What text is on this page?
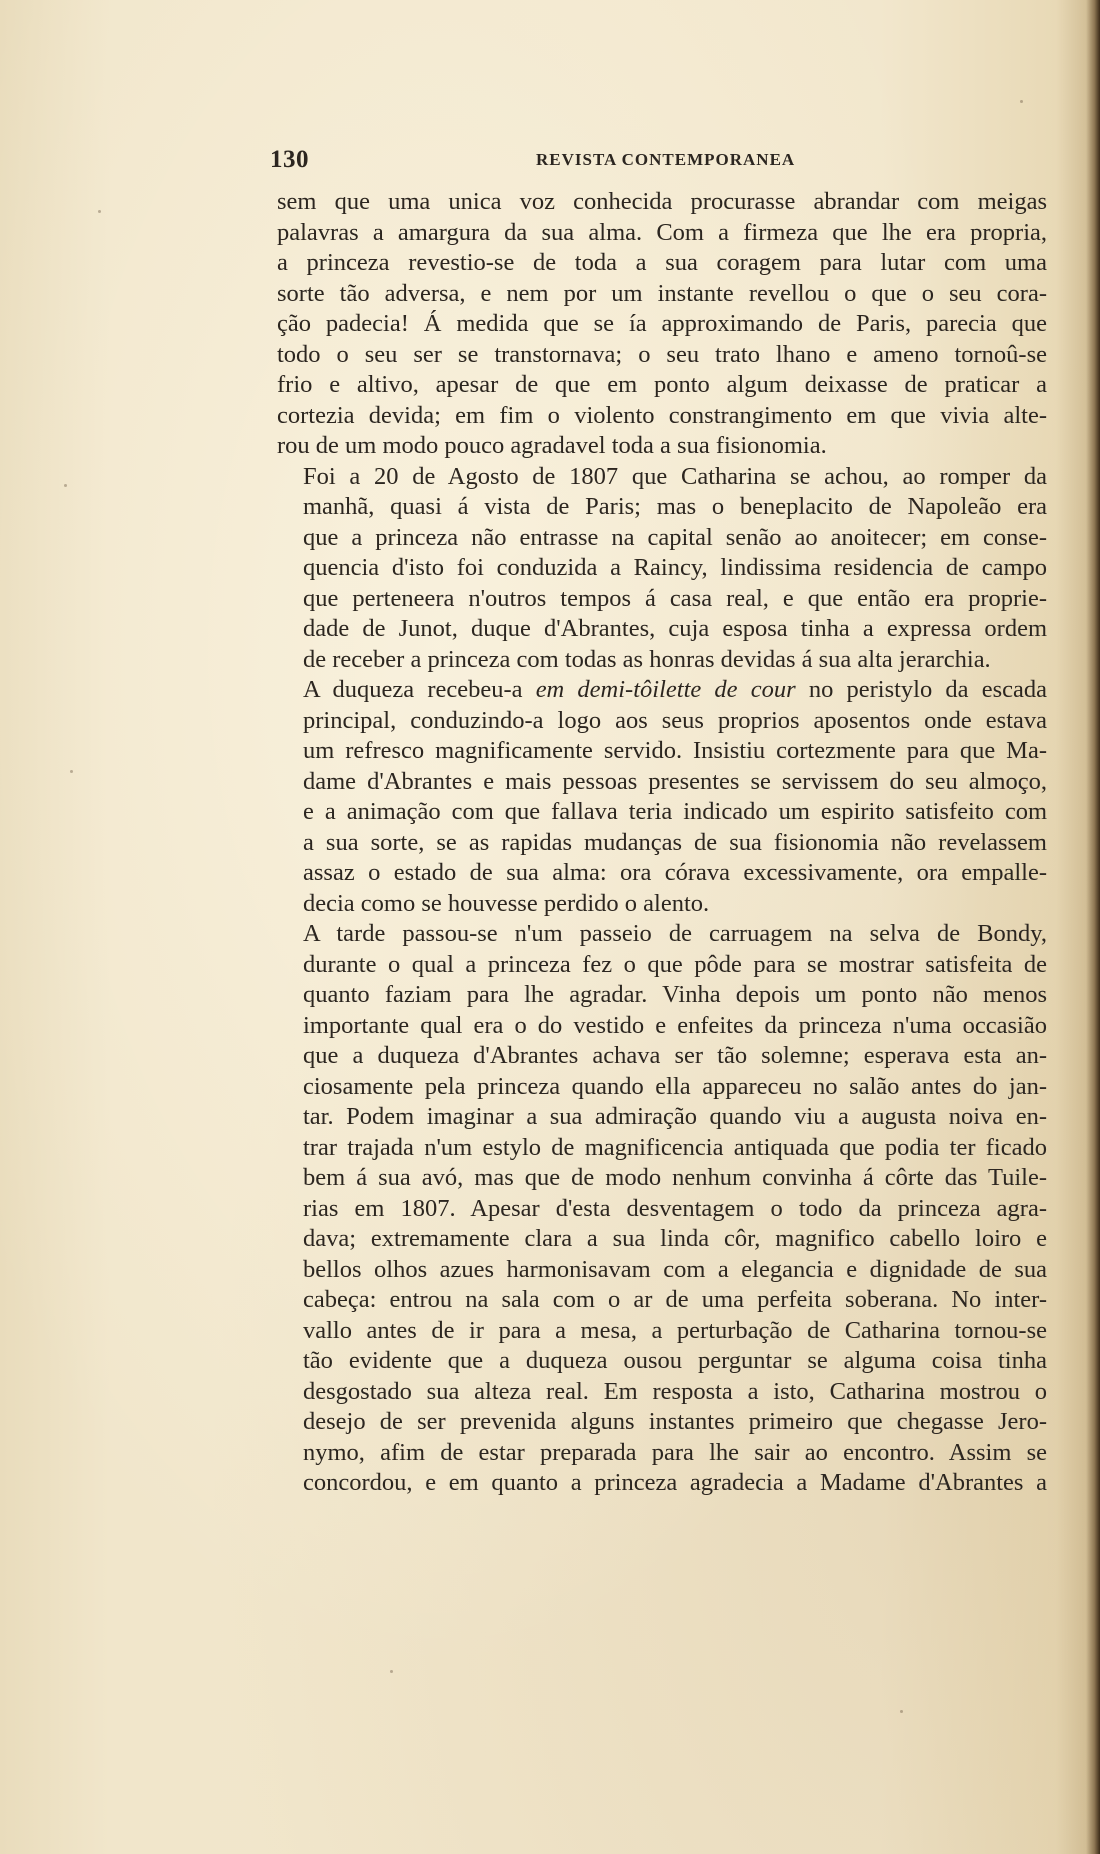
130	REVISTA CONTEMPORANEA

sem que uma unica voz conhecida procurasse abrandar com meigas
palavras a amargura da sua alma. Com a firmeza que lhe era propria,
a princeza revestio-se de toda a sua coragem para lutar com uma
sorte tão adversa, e nem por um instante revellou o que o seu cora-
ção padecia! Á medida que se ía approximando de Paris, parecia que
todo o seu ser se transtornava; o seu trato lhano e ameno tornoû-se
frio e altivo, apesar de que em ponto algum deixasse de praticar a
cortezia devida; em fim o violento constrangimento em que vivia alte-
rou de um modo pouco agradavel toda a sua fisionomia.

Foi a 20 de Agosto de 1807 que Catharina se achou, ao romper da
manhã, quasi á vista de Paris; mas o beneplacito de Napoleão era
que a princeza não entrasse na capital senão ao anoitecer; em conse-
quencia d'isto foi conduzida a Raincy, lindissima residencia de campo
que perteneera n'outros tempos á casa real, e que então era proprie-
dade de Junot, duque d'Abrantes, cuja esposa tinha a expressa ordem
de receber a princeza com todas as honras devidas á sua alta jerarchia.

A duqueza recebeu-a em demi-tôilette de cour no peristylo da escada
principal, conduzindo-a logo aos seus proprios aposentos onde estava
um refresco magnificamente servido. Insistiu cortezmente para que Ma-
dame d'Abrantes e mais pessoas presentes se servissem do seu almoço,
e a animação com que fallava teria indicado um espirito satisfeito com
a sua sorte, se as rapidas mudanças de sua fisionomia não revelassem
assaz o estado de sua alma: ora córava excessivamente, ora empalle-
decia como se houvesse perdido o alento.

A tarde passou-se n'um passeio de carruagem na selva de Bondy,
durante o qual a princeza fez o que pôde para se mostrar satisfeita de
quanto faziam para lhe agradar. Vinha depois um ponto não menos
importante qual era o do vestido e enfeites da princeza n'uma occasião
que a duqueza d'Abrantes achava ser tão solemne; esperava esta an-
ciosamente pela princeza quando ella appareceu no salão antes do jan-
tar. Podem imaginar a sua admiração quando viu a augusta noiva en-
trar trajada n'um estylo de magnificencia antiquada que podia ter ficado
bem á sua avó, mas que de modo nenhum convinha á côrte das Tuile-
rias em 1807. Apesar d'esta desventagem o todo da princeza agra-
dava; extremamente clara a sua linda côr, magnifico cabello loiro e
bellos olhos azues harmonisavam com a elegancia e dignidade de sua
cabeça: entrou na sala com o ar de uma perfeita soberana. No inter-
vallo antes de ir para a mesa, a perturbação de Catharina tornou-se
tão evidente que a duqueza ousou perguntar se alguma coisa tinha
desgostado sua alteza real. Em resposta a isto, Catharina mostrou o
desejo de ser prevenida alguns instantes primeiro que chegasse Jero-
nymo, afim de estar preparada para lhe sair ao encontro. Assim se
concordou, e em quanto a princeza agradecia a Madame d'Abrantes a
